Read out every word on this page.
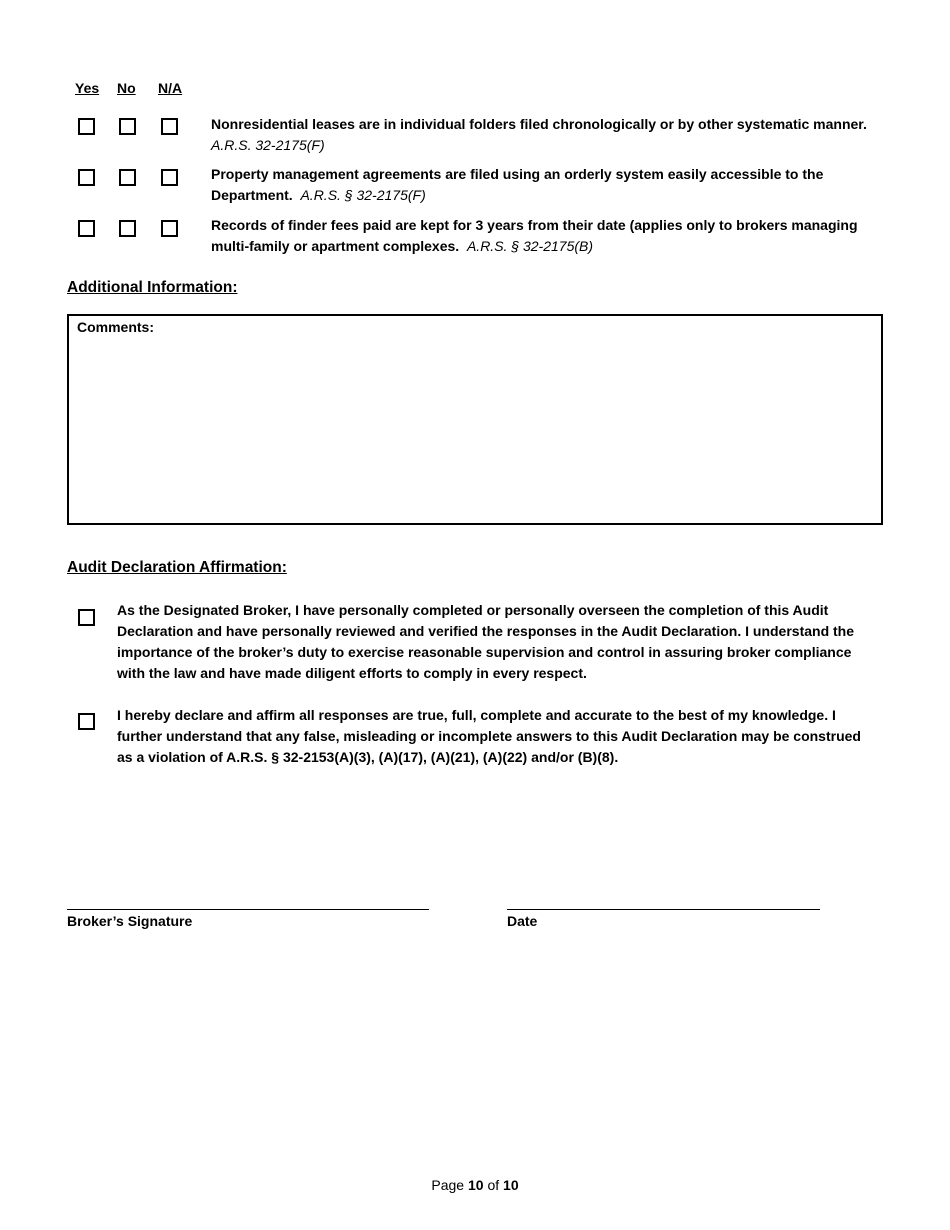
Yes No N/A
Nonresidential leases are in individual folders filed chronologically or by other systematic manner.  A.R.S. 32-2175(F)
Property management agreements are filed using an orderly system easily accessible to the Department. A.R.S. § 32-2175(F)
Records of finder fees paid are kept for 3 years from their date (applies only to brokers managing multi-family or apartment complexes. A.R.S. § 32-2175(B)
Additional Information:
Comments:
Audit Declaration Affirmation:
As the Designated Broker, I have personally completed or personally overseen the completion of this Audit Declaration and have personally reviewed and verified the responses in the Audit Declaration. I understand the importance of the broker’s duty to exercise reasonable supervision and control in assuring broker compliance with the law and have made diligent efforts to comply in every respect.
I hereby declare and affirm all responses are true, full, complete and accurate to the best of my knowledge. I further understand that any false, misleading or incomplete answers to this Audit Declaration may be construed as a violation of A.R.S. § 32-2153(A)(3), (A)(17), (A)(21), (A)(22) and/or (B)(8).
Broker’s Signature	Date
Page 10 of 10
